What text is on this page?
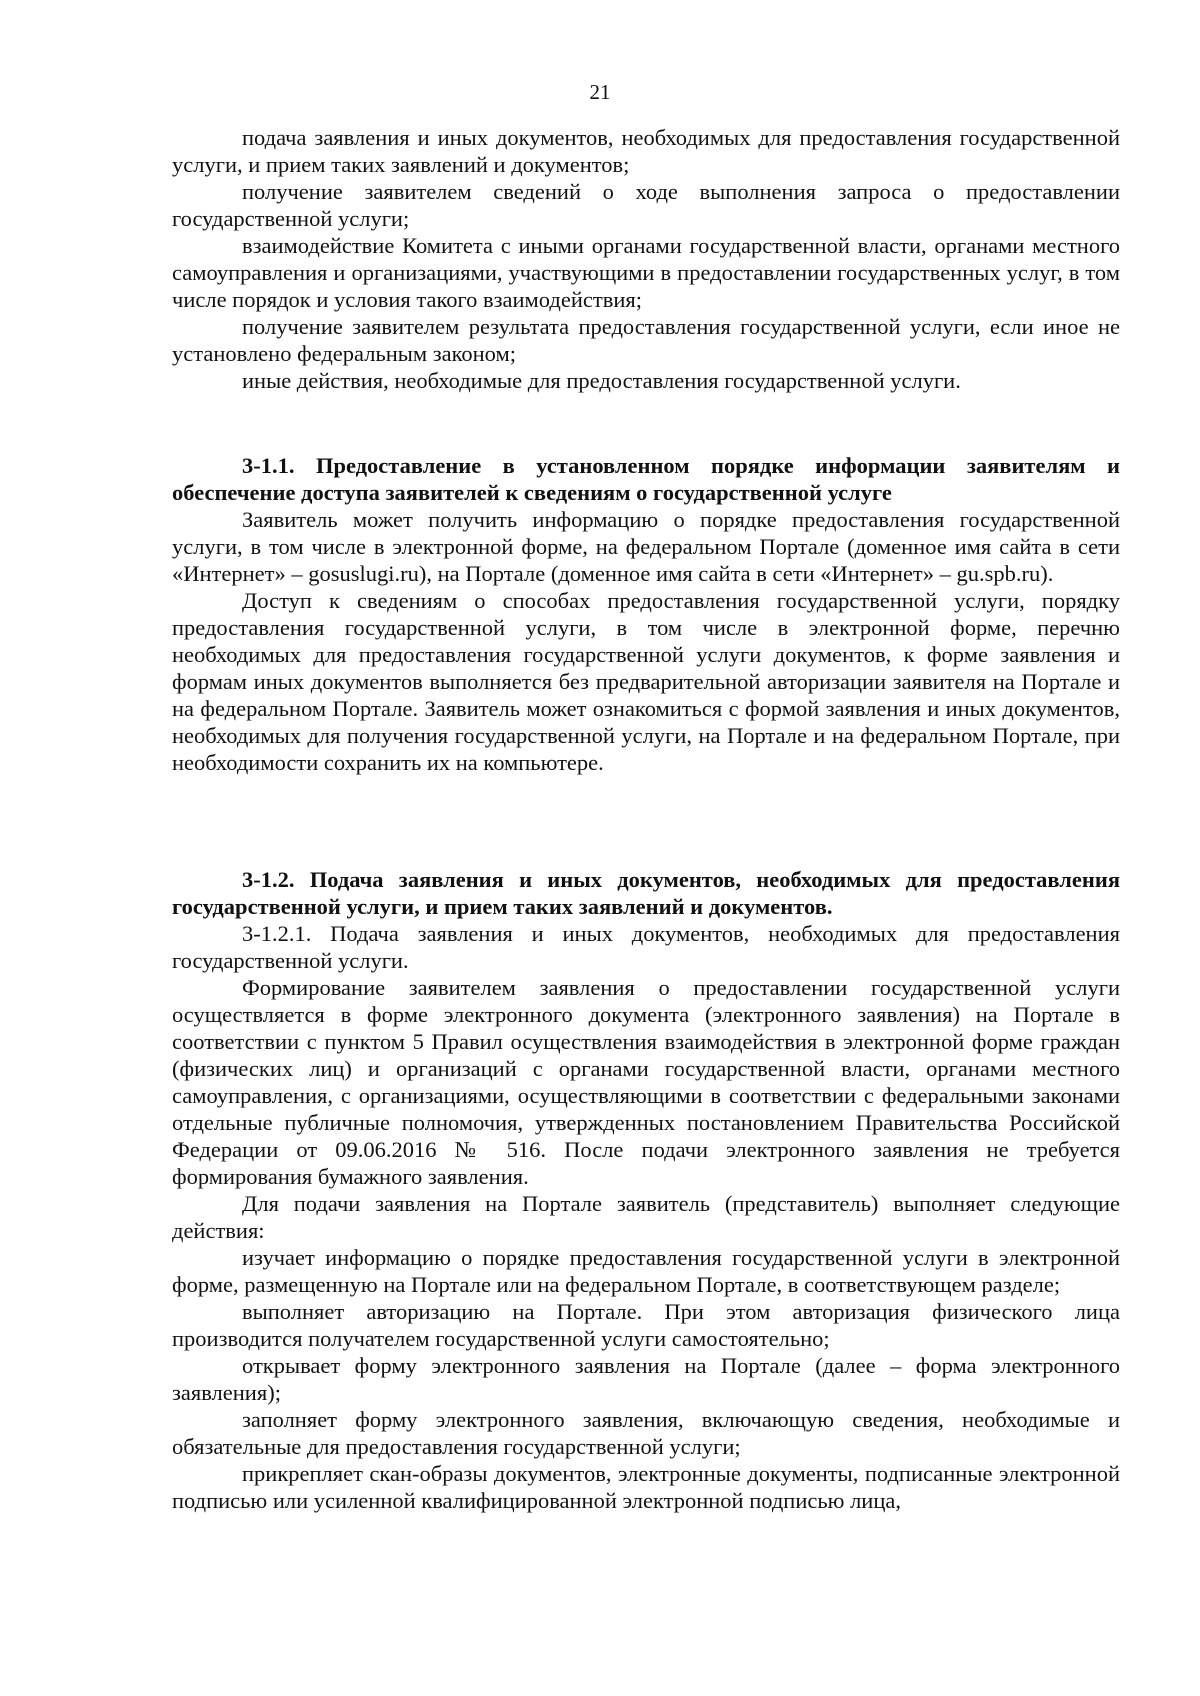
21

подача заявления и иных документов, необходимых для предоставления государственной услуги, и прием таких заявлений и документов;

получение заявителем сведений о ходе выполнения запроса о предоставлении государственной услуги;

взаимодействие Комитета с иными органами государственной власти, органами местного самоуправления и организациями, участвующими в предоставлении государственных услуг, в том числе порядок и условия такого взаимодействия;

получение заявителем результата предоставления государственной услуги, если иное не установлено федеральным законом;

иные действия, необходимые для предоставления государственной услуги.

3-1.1. Предоставление в установленном порядке информации заявителям и обеспечение доступа заявителей к сведениям о государственной услуге

Заявитель может получить информацию о порядке предоставления государственной услуги, в том числе в электронной форме, на федеральном Портале (доменное имя сайта в сети «Интернет» – gosuslugi.ru), на Портале (доменное имя сайта в сети «Интернет» – gu.spb.ru).

Доступ к сведениям о способах предоставления государственной услуги, порядку предоставления государственной услуги, в том числе в электронной форме, перечню необходимых для предоставления государственной услуги документов, к форме заявления и формам иных документов выполняется без предварительной авторизации заявителя на Портале и на федеральном Портале. Заявитель может ознакомиться с формой заявления и иных документов, необходимых для получения государственной услуги, на Портале и на федеральном Портале, при необходимости сохранить их на компьютере.

3-1.2. Подача заявления и иных документов, необходимых для предоставления государственной услуги, и прием таких заявлений и документов.

3-1.2.1. Подача заявления и иных документов, необходимых для предоставления государственной услуги.

Формирование заявителем заявления о предоставлении государственной услуги осуществляется в форме электронного документа (электронного заявления) на Портале в соответствии с пунктом 5 Правил осуществления взаимодействия в электронной форме граждан (физических лиц) и организаций с органами государственной власти, органами местного самоуправления, с организациями, осуществляющими в соответствии с федеральными законами отдельные публичные полномочия, утвержденных постановлением Правительства Российской Федерации от 09.06.2016 № 516. После подачи электронного заявления не требуется формирования бумажного заявления.

Для подачи заявления на Портале заявитель (представитель) выполняет следующие действия:

изучает информацию о порядке предоставления государственной услуги в электронной форме, размещенную на Портале или на федеральном Портале, в соответствующем разделе;

выполняет авторизацию на Портале. При этом авторизация физического лица производится получателем государственной услуги самостоятельно;

открывает форму электронного заявления на Портале (далее – форма электронного заявления);

заполняет форму электронного заявления, включающую сведения, необходимые и обязательные для предоставления государственной услуги;

прикрепляет скан-образы документов, электронные документы, подписанные электронной подписью или усиленной квалифицированной электронной подписью лица,
